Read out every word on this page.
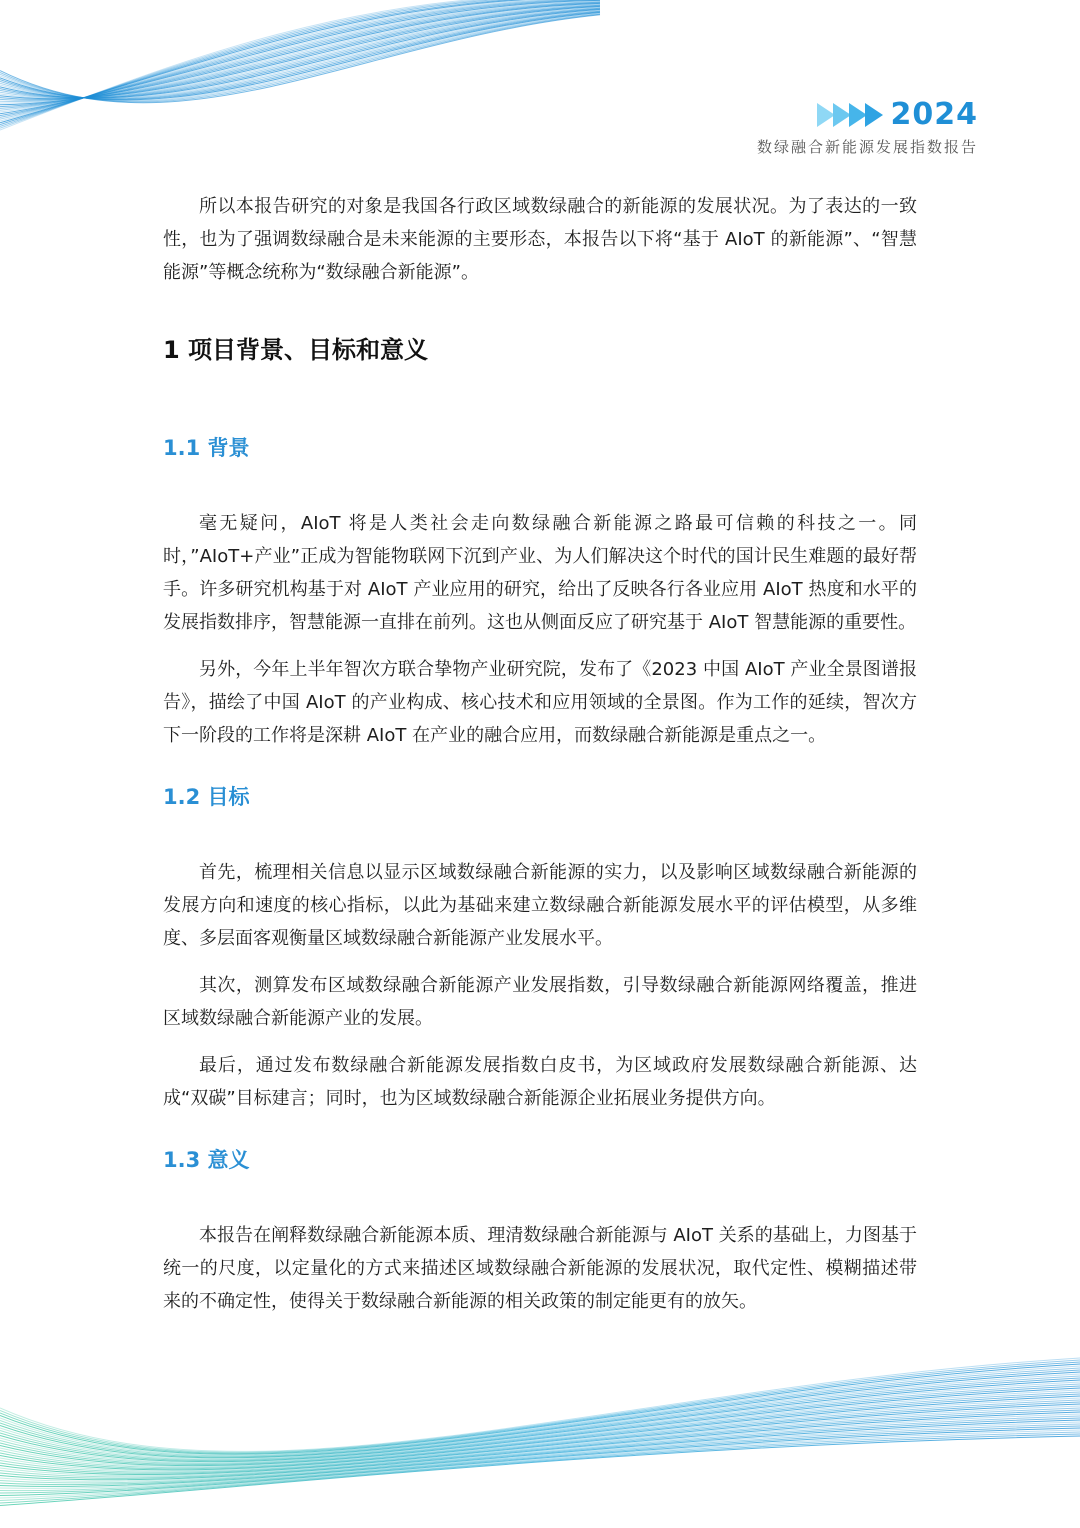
2024
数绿融合新能源发展指数报告

所以本报告研究的对象是我国各行政区域数绿融合的新能源的发展状况。为了表达的一致性，也为了强调数绿融合是未来能源的主要形态，本报告以下将“基于 AIoT 的新能源”、“智慧能源”等概念统称为“数绿融合新能源”。

1 项目背景、目标和意义
1.1 背景

毫无疑问，AIoT 将是人类社会走向数绿融合新能源之路最可信赖的科技之一。同时，”AIoT+产业”正成为智能物联网下沉到产业、为人们解决这个时代的国计民生难题的最好帮手。许多研究机构基于对 AIoT 产业应用的研究，给出了反映各行各业应用 AIoT 热度和水平的发展指数排序，智慧能源一直排在前列。这也从侧面反应了研究基于 AIoT 智慧能源的重要性。

另外，今年上半年智次方联合挚物产业研究院，发布了《2023 中国 AIoT 产业全景图谱报告》，描绘了中国 AIoT 的产业构成、核心技术和应用领域的全景图。作为工作的延续，智次方下一阶段的工作将是深耕 AIoT 在产业的融合应用，而数绿融合新能源是重点之一。

1.2 目标

首先，梳理相关信息以显示区域数绿融合新能源的实力，以及影响区域数绿融合新能源的发展方向和速度的核心指标，以此为基础来建立数绿融合新能源发展水平的评估模型，从多维度、多层面客观衡量区域数绿融合新能源产业发展水平。

其次，测算发布区域数绿融合新能源产业发展指数，引导数绿融合新能源网络覆盖，推进区域数绿融合新能源产业的发展。

最后，通过发布数绿融合新能源发展指数白皮书，为区域政府发展数绿融合新能源、达成“双碳”目标建言；同时，也为区域数绿融合新能源企业拓展业务提供方向。

1.3 意义

本报告在阐释数绿融合新能源本质、理清数绿融合新能源与 AIoT 关系的基础上，力图基于统一的尺度，以定量化的方式来描述区域数绿融合新能源的发展状况，取代定性、模糊描述带来的不确定性，使得关于数绿融合新能源的相关政策的制定能更有的放矢。
